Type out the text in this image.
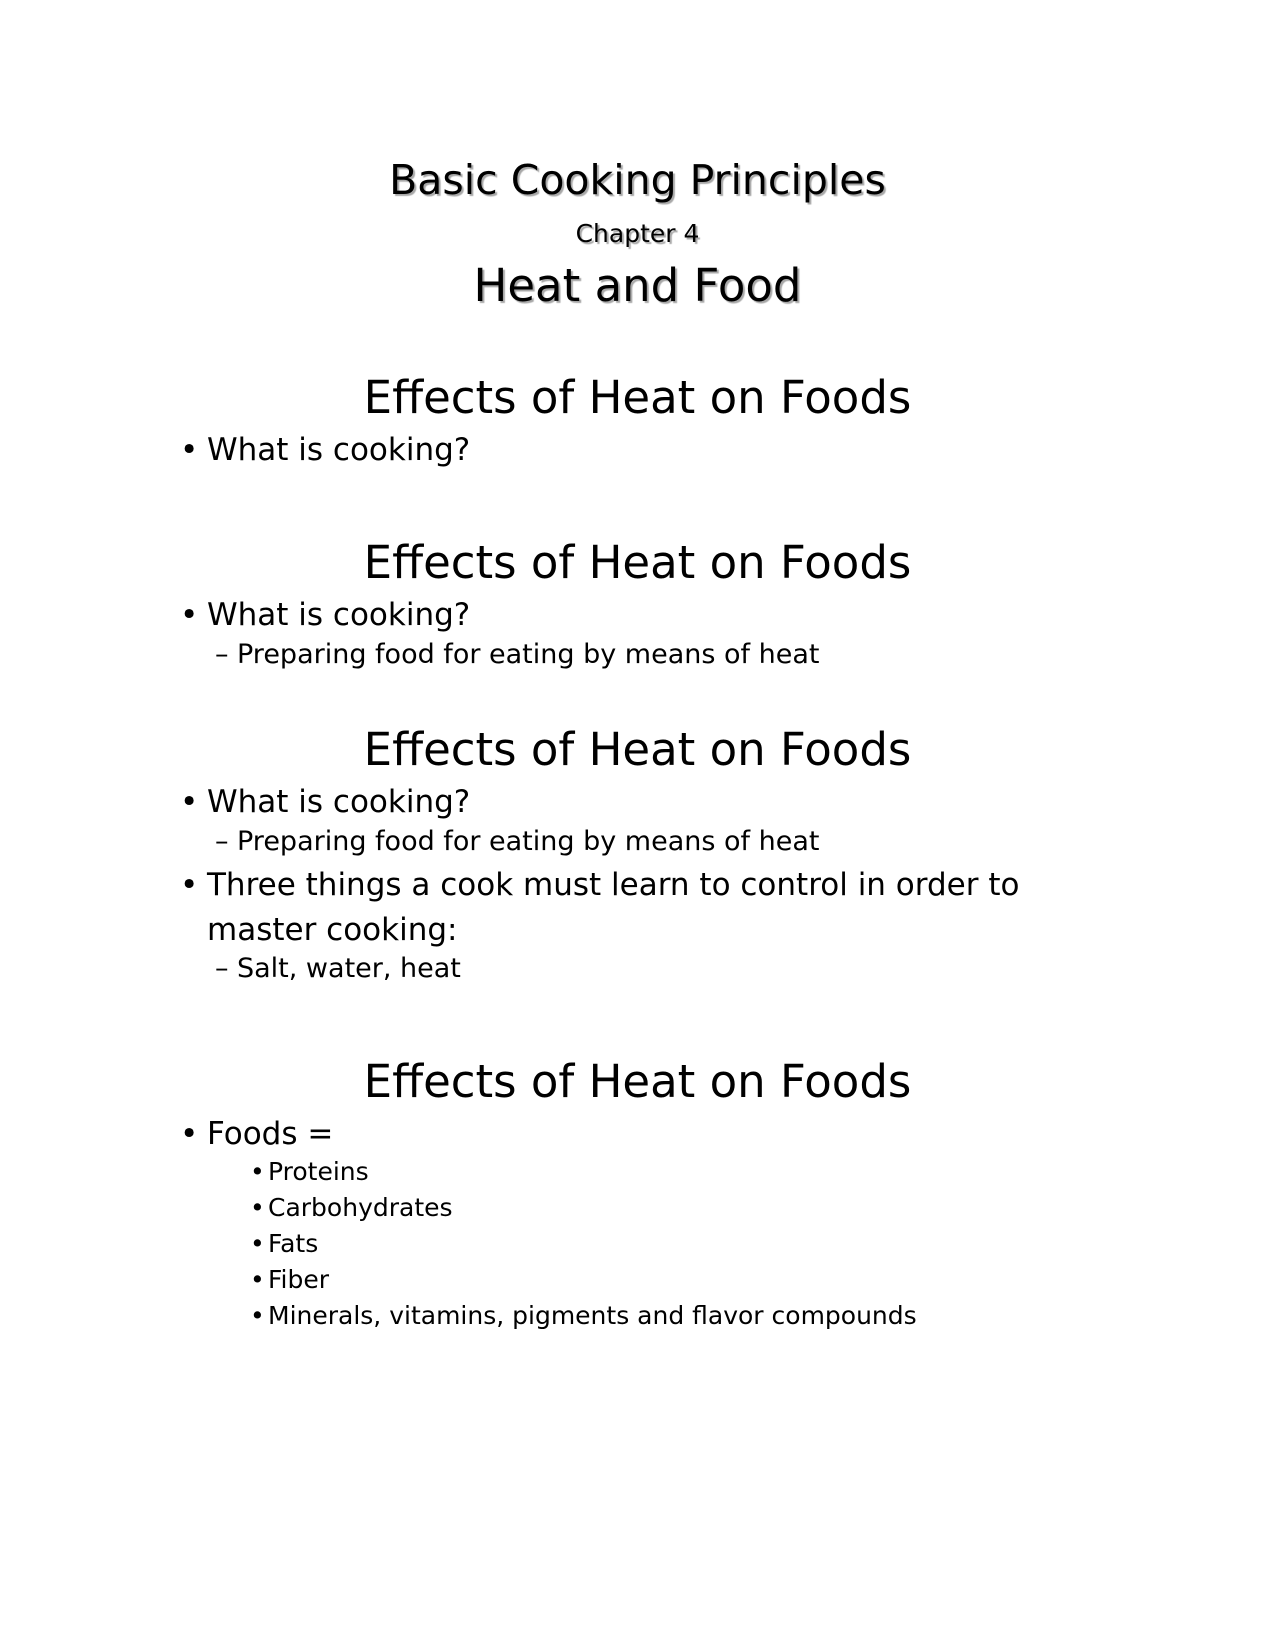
Basic Cooking Principles
Chapter 4
Heat and Food
Effects of Heat on Foods
• What is cooking?
Effects of Heat on Foods
• What is cooking?
– Preparing food for eating by means of heat
Effects of Heat on Foods
• What is cooking?
– Preparing food for eating by means of heat
• Three things a cook must learn to control in order to
master cooking:
– Salt, water, heat
Effects of Heat on Foods
• Foods =
• Proteins
• Carbohydrates
• Fats
• Fiber
• Minerals, vitamins, pigments and flavor compounds
